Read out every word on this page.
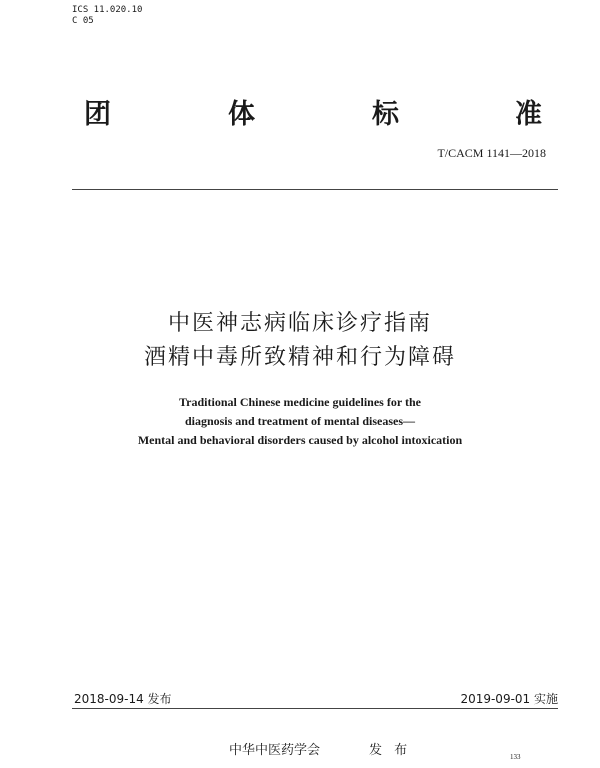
ICS 11.020.10
C 05
团	体	标	准
T/CACM 1141—2018
中医神志病临床诊疗指南
酒精中毒所致精神和行为障碍
Traditional Chinese medicine guidelines for the
diagnosis and treatment of mental diseases—
Mental and behavioral disorders caused by alcohol intoxication
2018-09-14 发布	2019-09-01 实施
中华中医药学会	发 布	133
